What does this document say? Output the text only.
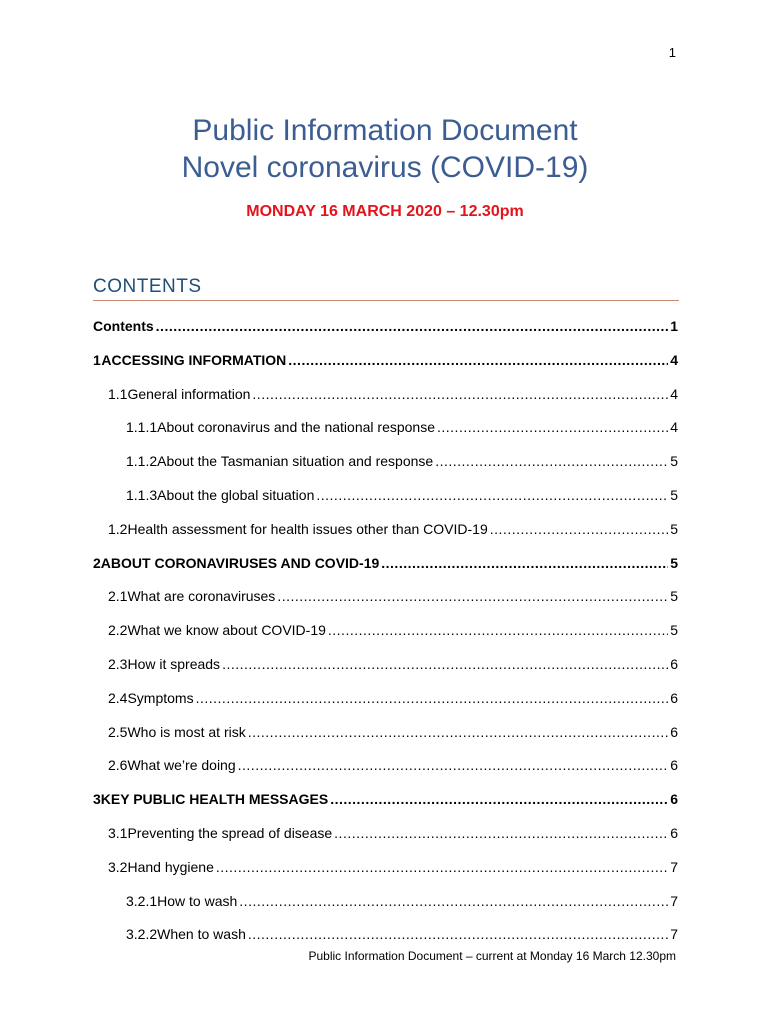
1
Public Information Document
Novel coronavirus (COVID-19)
MONDAY 16 MARCH 2020 – 12.30pm
CONTENTS
Contents .....	1
1 ACCESSING INFORMATION .....	4
1.1 General information .....	4
1.1.1 About coronavirus and the national response .....	4
1.1.2 About the Tasmanian situation and response .....	5
1.1.3 About the global situation .....	5
1.2 Health assessment for health issues other than COVID-19 .....	5
2 ABOUT CORONAVIRUSES AND COVID-19 .....	5
2.1 What are coronaviruses .....	5
2.2 What we know about COVID-19 .....	5
2.3 How it spreads .....	6
2.4 Symptoms .....	6
2.5 Who is most at risk .....	6
2.6 What we’re doing .....	6
3 KEY PUBLIC HEALTH MESSAGES .....	6
3.1 Preventing the spread of disease .....	6
3.2 Hand hygiene .....	7
3.2.1 How to wash .....	7
3.2.2 When to wash .....	7
Public Information Document – current at Monday 16 March 12.30pm
